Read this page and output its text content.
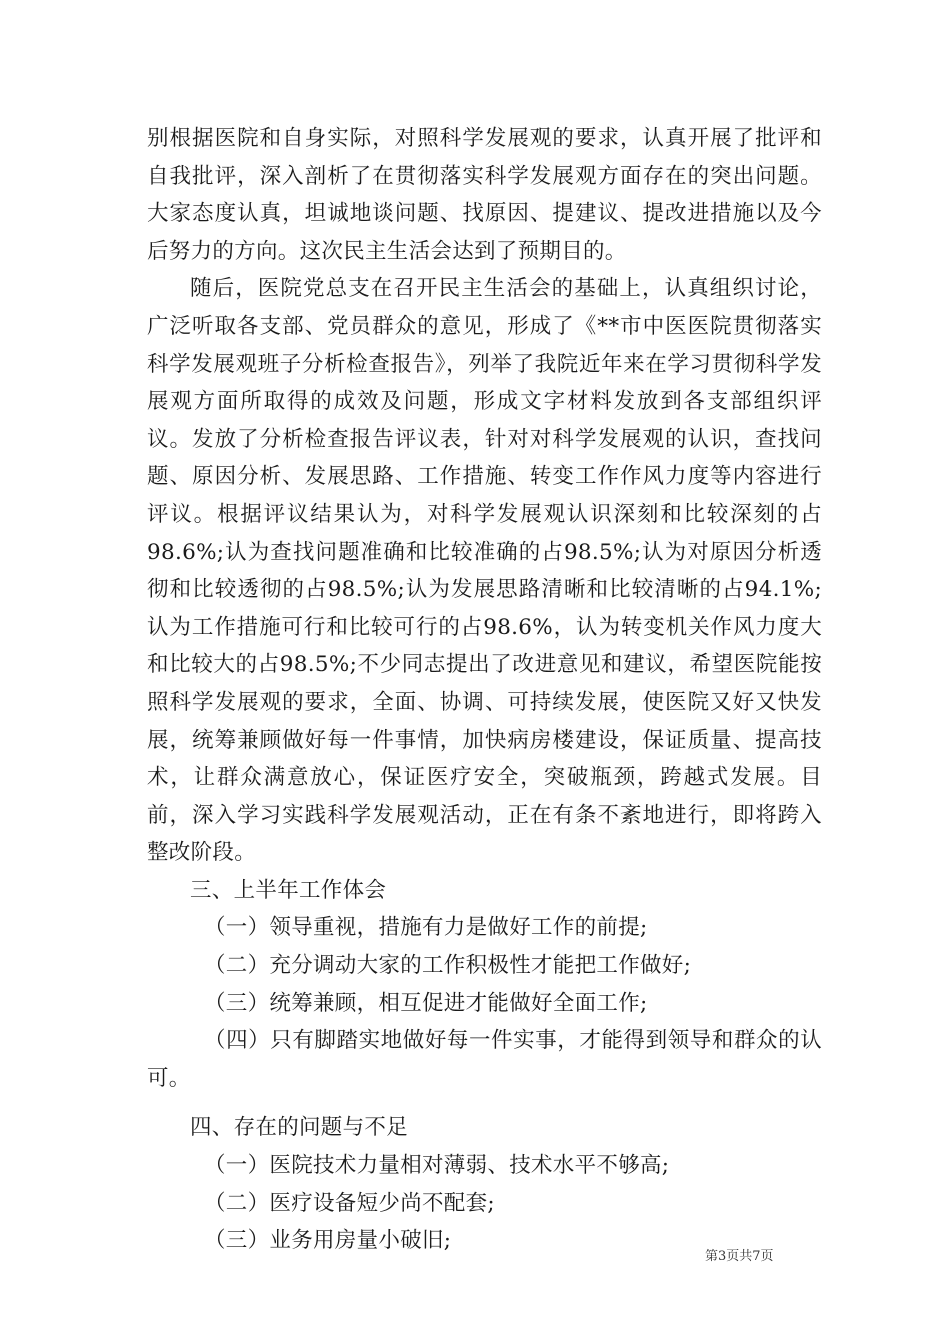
别根据医院和自身实际，对照科学发展观的要求，认真开展了批评和自我批评，深入剖析了在贯彻落实科学发展观方面存在的突出问题。大家态度认真，坦诚地谈问题、找原因、提建议、提改进措施以及今后努力的方向。这次民主生活会达到了预期目的。

随后，医院党总支在召开民主生活会的基础上，认真组织讨论，广泛听取各支部、党员群众的意见，形成了《**市中医医院贯彻落实科学发展观班子分析检查报告》，列举了我院近年来在学习贯彻科学发展观方面所取得的成效及问题，形成文字材料发放到各支部组织评议。发放了分析检查报告评议表，针对对科学发展观的认识，查找问题、原因分析、发展思路、工作措施、转变工作作风力度等内容进行评议。根据评议结果认为，对科学发展观认识深刻和比较深刻的占98.6%;认为查找问题准确和比较准确的占98.5%;认为对原因分析透彻和比较透彻的占98.5%;认为发展思路清晰和比较清晰的占94.1%;认为工作措施可行和比较可行的占98.6%，认为转变机关作风力度大和比较大的占98.5%;不少同志提出了改进意见和建议，希望医院能按照科学发展观的要求，全面、协调、可持续发展，使医院又好又快发展，统筹兼顾做好每一件事情，加快病房楼建设，保证质量、提高技术，让群众满意放心，保证医疗安全，突破瓶颈，跨越式发展。目前，深入学习实践科学发展观活动，正在有条不紊地进行，即将跨入整改阶段。

三、上半年工作体会

（一）领导重视，措施有力是做好工作的前提;

（二）充分调动大家的工作积极性才能把工作做好;

（三）统筹兼顾，相互促进才能做好全面工作;

（四）只有脚踏实地做好每一件实事，才能得到领导和群众的认可。

四、存在的问题与不足

（一）医院技术力量相对薄弱、技术水平不够高;

（二）医疗设备短少尚不配套;

（三）业务用房量小破旧;

第3页共7页
